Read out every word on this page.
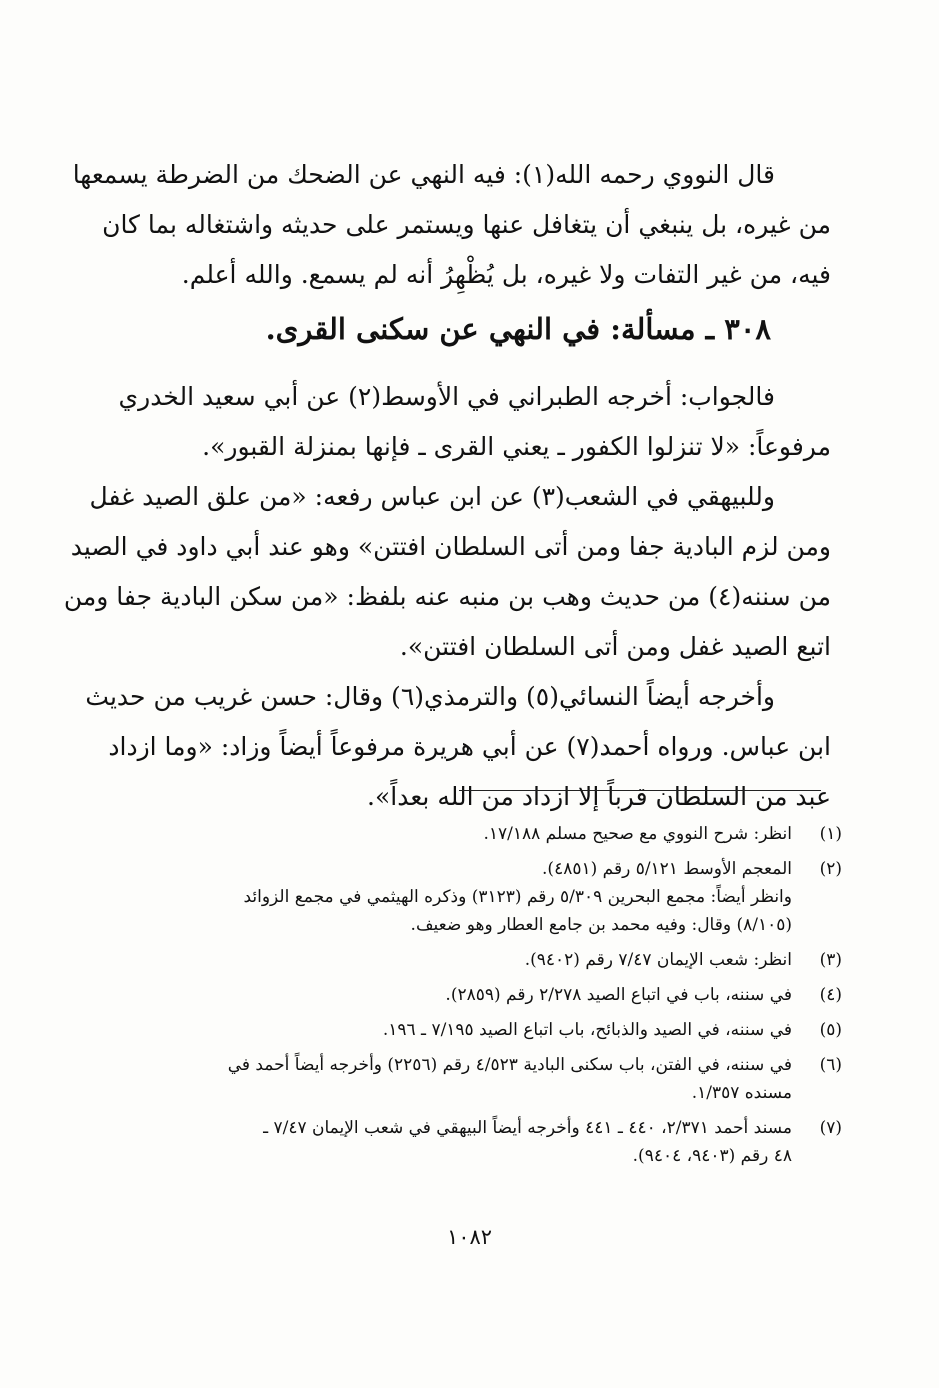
قال النووي رحمه الله(١): فيه النهي عن الضحك من الضرطة يسمعها
من غيره، بل ينبغي أن يتغافل عنها ويستمر على حديثه واشتغاله بما كان
فيه، من غير التفات ولا غيره، بل يُظْهِرُ أنه لم يسمع. والله أعلم.
٣٠٨ ـ مسألة: في النهي عن سكنى القرى.
فالجواب: أخرجه الطبراني في الأوسط(٢) عن أبي سعيد الخدري
مرفوعاً: «لا تنزلوا الكفور ـ يعني القرى ـ فإنها بمنزلة القبور».
وللبيهقي في الشعب(٣) عن ابن عباس رفعه: «من علق الصيد غفل
ومن لزم البادية جفا ومن أتى السلطان افتتن» وهو عند أبي داود في الصيد
من سننه(٤) من حديث وهب بن منبه عنه بلفظ: «من سكن البادية جفا ومن
اتبع الصيد غفل ومن أتى السلطان افتتن».
وأخرجه أيضاً النسائي(٥) والترمذي(٦) وقال: حسن غريب من حديث
ابن عباس. ورواه أحمد(٧) عن أبي هريرة مرفوعاً أيضاً وزاد: «وما ازداد
عبد من السلطان قرباً إلا ازداد من الله بعداً».
(١)
انظر: شرح النووي مع صحيح مسلم ١٧/١٨٨.
(٢)
المعجم الأوسط ٥/١٢١ رقم (٤٨٥١).
وانظر أيضاً: مجمع البحرين ٥/٣٠٩ رقم (٣١٢٣) وذكره الهيثمي في مجمع الزوائد
(٨/١٠٥) وقال: وفيه محمد بن جامع العطار وهو ضعيف.
(٣)
انظر: شعب الإيمان ٧/٤٧ رقم (٩٤٠٢).
(٤)
في سننه، باب في اتباع الصيد ٢/٢٧٨ رقم (٢٨٥٩).
(٥)
في سننه، في الصيد والذبائح، باب اتباع الصيد ٧/١٩٥ ـ ١٩٦.
(٦)
في سننه، في الفتن، باب سكنى البادية ٤/٥٢٣ رقم (٢٢٥٦) وأخرجه أيضاً أحمد في
مسنده ١/٣٥٧.
(٧)
مسند أحمد ٢/٣٧١، ٤٤٠ ـ ٤٤١ وأخرجه أيضاً البيهقي في شعب الإيمان ٧/٤٧ ـ
٤٨ رقم (٩٤٠٣، ٩٤٠٤).
١٠٨٢
